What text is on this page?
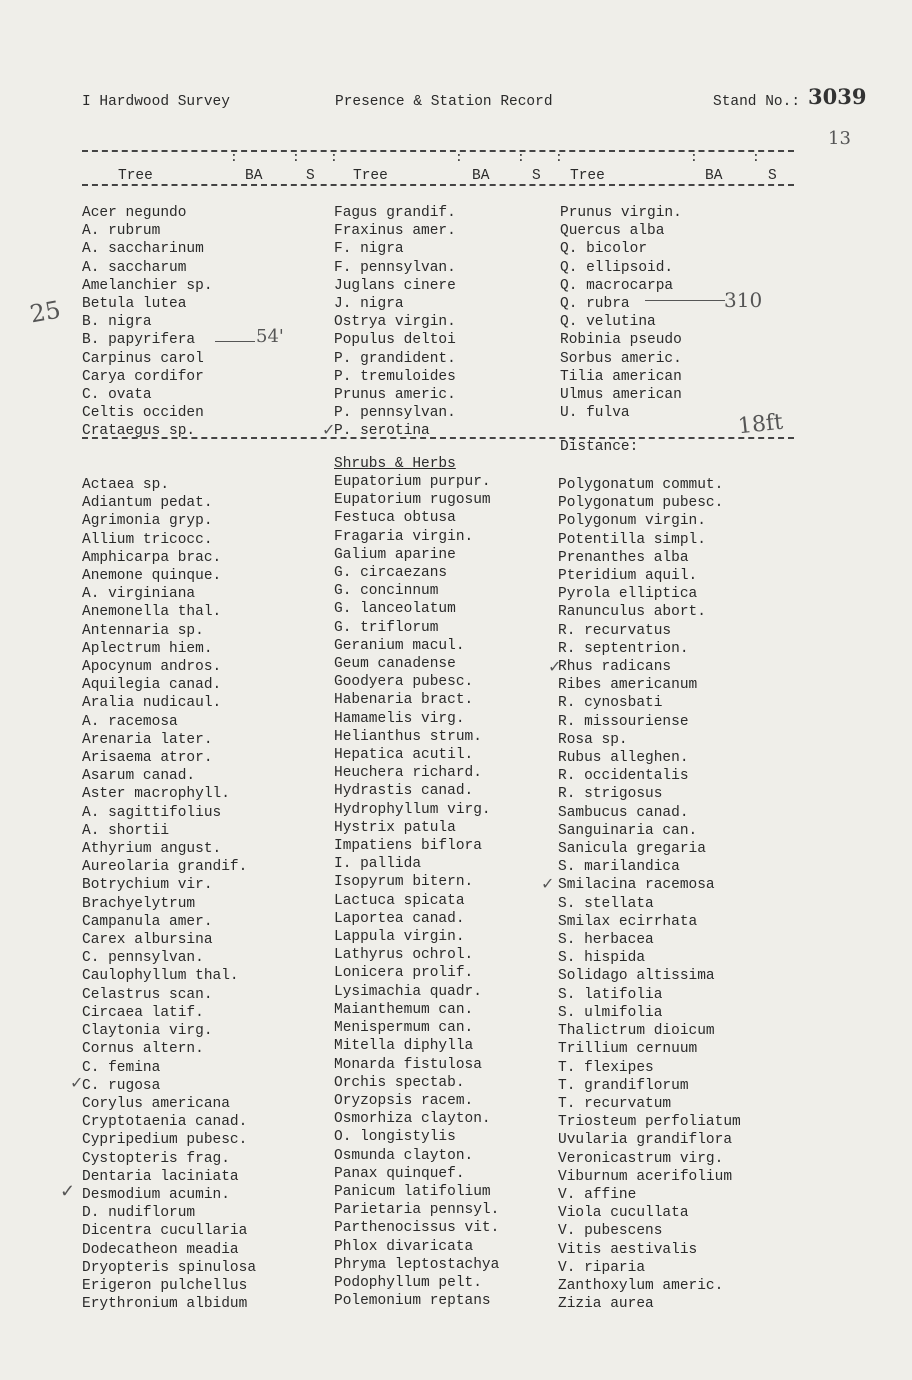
I Hardwood Survey	Presence & Station Record	Stand No.: 3039
13
Tree	BA	S	Tree	BA	S Tree	BA	S
:	: :	:	: :	:	:
Acer negundo
A. rubrum
A. saccharinum
A. saccharum
Amelanchier sp.
Betula lutea
B. nigra
B. papyrifera
Carpinus carol
Carya cordifor
C. ovata
Celtis occiden
Crataegus sp.
Fagus grandif.
Fraxinus amer.
F. nigra
F. pennsylvan.
Juglans cinere
J. nigra
Ostrya virgin.
Populus deltoi
P. grandident.
P. tremuloides
Prunus americ.
P. pennsylvan.
P. serotina
Prunus virgin.
Quercus alba
Q. bicolor
Q. ellipsoid.
Q. macrocarpa
Q. rubra
Q. velutina
Robinia pseudo
Sorbus americ.
Tilia american
Ulmus american
U. fulva
Distance:
Shrubs & Herbs
Actaea sp.
Adiantum pedat.
Agrimonia gryp.
Allium tricocc.
Amphicarpa brac.
Anemone quinque.
A. virginiana
Anemonella thal.
Antennaria sp.
Aplectrum hiem.
Apocynum andros.
Aquilegia canad.
Aralia nudicaul.
A. racemosa
Arenaria later.
Arisaema atror.
Asarum canad.
Aster macrophyll.
A. sagittifolius
A. shortii
Athyrium angust.
Aureolaria grandif.
Botrychium vir.
Brachyelytrum
Campanula amer.
Carex albursina
C. pennsylvan.
Caulophyllum thal.
Celastrus scan.
Circaea latif.
Claytonia virg.
Cornus altern.
C. femina
C. rugosa
Corylus americana
Cryptotaenia canad.
Cypripedium pubesc.
Cystopteris frag.
Dentaria laciniata
Desmodium acumin.
D. nudiflorum
Dicentra cucullaria
Dodecatheon meadia
Dryopteris spinulosa
Erigeron pulchellus
Erythronium albidum
Eupatorium purpur.
Eupatorium rugosum
Festuca obtusa
Fragaria virgin.
Galium aparine
G. circaezans
G. concinnum
G. lanceolatum
G. triflorum
Geranium macul.
Geum canadense
Goodyera pubesc.
Habenaria bract.
Hamamelis virg.
Helianthus strum.
Hepatica acutil.
Heuchera richard.
Hydrastis canad.
Hydrophyllum virg.
Hystrix patula
Impatiens biflora
I. pallida
Isopyrum bitern.
Lactuca spicata
Laportea canad.
Lappula virgin.
Lathyrus ochrol.
Lonicera prolif.
Lysimachia quadr.
Maianthemum can.
Menispermum can.
Mitella diphylla
Monarda fistulosa
Orchis spectab.
Oryzopsis racem.
Osmorhiza clayton.
O. longistylis
Osmunda clayton.
Panax quinquef.
Panicum latifolium
Parietaria pennsyl.
Parthenocissus vit.
Phlox divaricata
Phryma leptostachya
Podophyllum pelt.
Polemonium reptans
Polygonatum commut.
Polygonatum pubesc.
Polygonum virgin.
Potentilla simpl.
Prenanthes alba
Pteridium aquil.
Pyrola elliptica
Ranunculus abort.
R. recurvatus
R. septentrion.
Rhus radicans
Ribes americanum
R. cynosbati
R. missouriense
Rosa sp.
Rubus alleghen.
R. occidentalis
R. strigosus
Sambucus canad.
Sanguinaria can.
Sanicula gregaria
S. marilandica
Smilacina racemosa
S. stellata
Smilax ecirrhata
S. herbacea
S. hispida
Solidago altissima
S. latifolia
S. ulmifolia
Thalictrum dioicum
Trillium cernuum
T. flexipes
T. grandiflorum
T. recurvatum
Triosteum perfoliatum
Uvularia grandiflora
Veronicastrum virg.
Viburnum acerifolium
V. affine
Viola cucullata
V. pubescens
Vitis aestivalis
V. riparia
Zanthoxylum americ.
Zizia aurea
25
54'
310
18ft
✓
✓
✓
✓
✓
